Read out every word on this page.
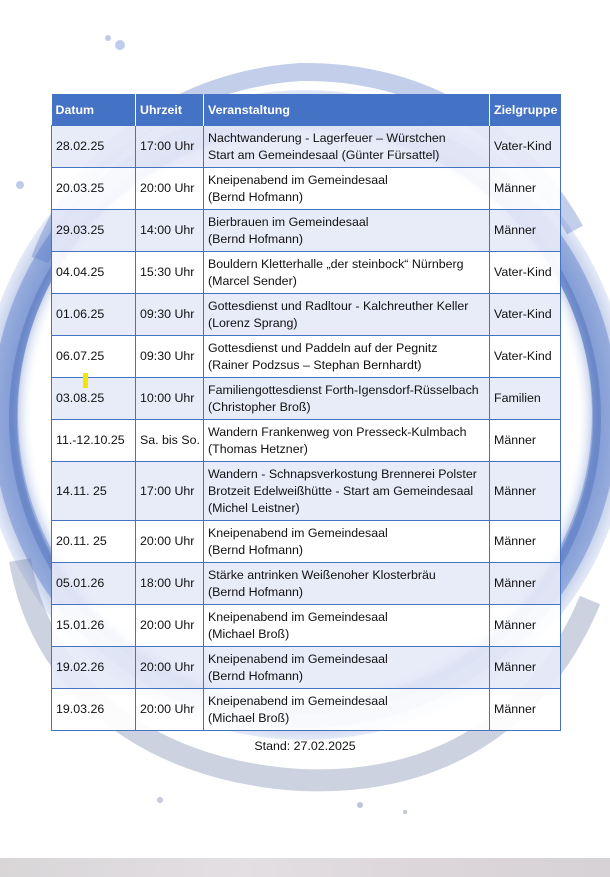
Datum	Uhrzeit	Veranstaltung	Zielgruppe
28.02.25	17:00 Uhr	Nachtwanderung - Lagerfeuer – Würstchen
Start am Gemeindesaal (Günter Fürsattel)	Vater-Kind
20.03.25	20:00 Uhr	Kneipenabend im Gemeindesaal
(Bernd Hofmann)	Männer
29.03.25	14:00 Uhr	Bierbrauen im Gemeindesaal
(Bernd Hofmann)	Männer
04.04.25	15:30 Uhr	Bouldern Kletterhalle „der steinbock“ Nürnberg
(Marcel Sender)	Vater-Kind
01.06.25	09:30 Uhr	Gottesdienst und Radltour - Kalchreuther Keller
(Lorenz Sprang)	Vater-Kind
06.07.25	09:30 Uhr	Gottesdienst und Paddeln auf der Pegnitz
(Rainer Podzsus – Stephan Bernhardt)	Vater-Kind
03.08.25	10:00 Uhr	Familiengottesdienst Forth-Igensdorf-Rüsselbach
(Christopher Broß)	Familien
11.-12.10.25	Sa. bis So.	Wandern Frankenweg von Presseck-Kulmbach
(Thomas Hetzner)	Männer
14.11. 25	17:00 Uhr	Wandern - Schnapsverkostung Brennerei Polster
Brotzeit Edelweißhütte - Start am Gemeindesaal
(Michel Leistner)	Männer
20.11. 25	20:00 Uhr	Kneipenabend im Gemeindesaal
(Bernd Hofmann)	Männer
05.01.26	18:00 Uhr	Stärke antrinken Weißenoher Klosterbräu
(Bernd Hofmann)	Männer
15.01.26	20:00 Uhr	Kneipenabend im Gemeindesaal
(Michael Broß)	Männer
19.02.26	20:00 Uhr	Kneipenabend im Gemeindesaal
(Bernd Hofmann)	Männer
19.03.26	20:00 Uhr	Kneipenabend im Gemeindesaal
(Michael Broß)	Männer
Stand: 27.02.2025
